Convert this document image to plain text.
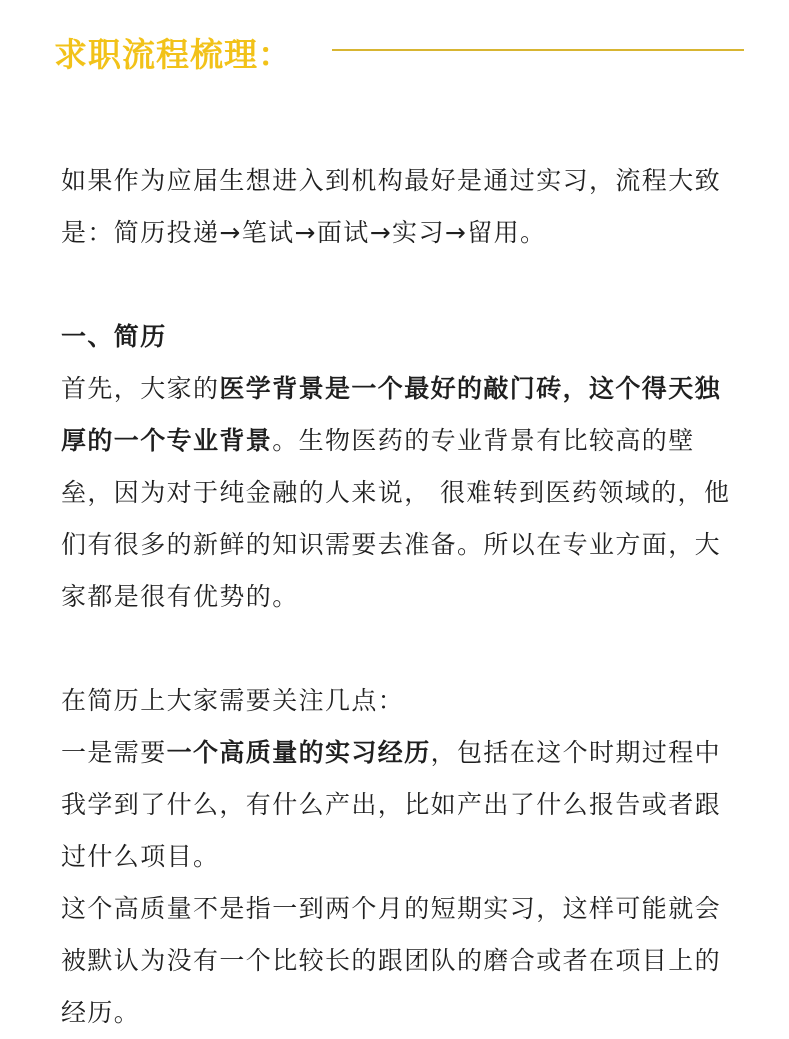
求职流程梳理：

如果作为应届生想进入到机构最好是通过实习，流程大致是：简历投递→笔试→面试→实习→留用。

一、简历

首先，大家的医学背景是一个最好的敲门砖，这个得天独厚的一个专业背景。生物医药的专业背景有比较高的壁垒，因为对于纯金融的人来说， 很难转到医药领域的，他们有很多的新鲜的知识需要去准备。所以在专业方面，大家都是很有优势的。

在简历上大家需要关注几点：

一是需要一个高质量的实习经历，包括在这个时期过程中我学到了什么，有什么产出，比如产出了什么报告或者跟过什么项目。

这个高质量不是指一到两个月的短期实习，这样可能就会被默认为没有一个比较长的跟团队的磨合或者在项目上的经历。
